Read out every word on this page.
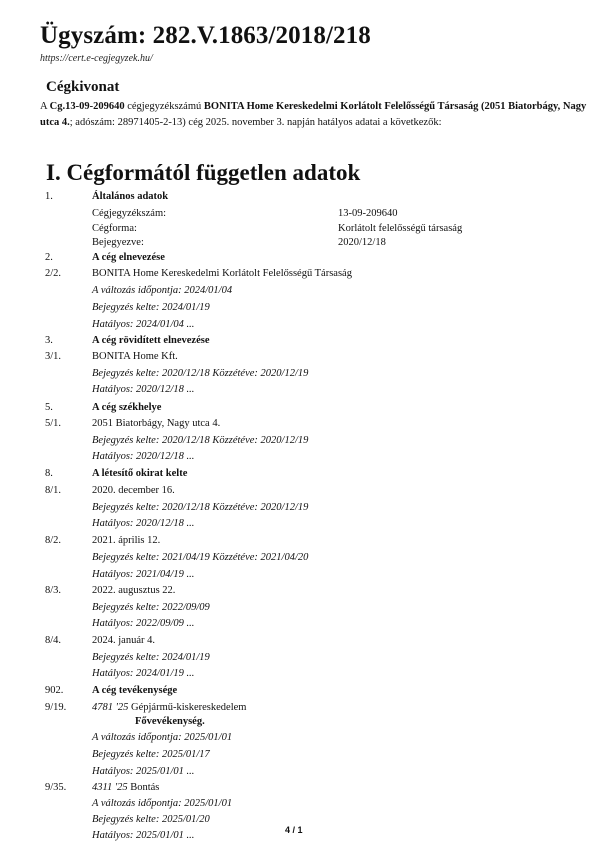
Ügyszám: 282.V.1863/2018/218
https://cert.e-cegjegyzek.hu/
Cégkivonat
A Cg.13-09-209640 cégjegyzékszámú BONITA Home Kereskedelmi Korlátolt Felelősségű Társaság (2051 Biatorbágy, Nagy utca 4.; adószám: 28971405-2-13) cég 2025. november 3. napján hatályos adatai a következők:
I. Cégformától független adatok
1.	Általános adatok
Cégjegyzékszám:	13-09-209640
Cégforma:	Korlátolt felelősségű társaság
Bejegyezve:	2020/12/18
2.	A cég elnevezése
2/2.	BONITA Home Kereskedelmi Korlátolt Felelősségű Társaság
A változás időpontja: 2024/01/04
Bejegyzés kelte: 2024/01/19
Hatályos: 2024/01/04 ...
3.	A cég rövidített elnevezése
3/1.	BONITA Home Kft.
Bejegyzés kelte: 2020/12/18 Közzétéve: 2020/12/19
Hatályos: 2020/12/18 ...
5.	A cég székhelye
5/1.	2051 Biatorbágy, Nagy utca 4.
Bejegyzés kelte: 2020/12/18 Közzétéve: 2020/12/19
Hatályos: 2020/12/18 ...
8.	A létesítő okirat kelte
8/1.	2020. december 16.
Bejegyzés kelte: 2020/12/18 Közzétéve: 2020/12/19
Hatályos: 2020/12/18 ...
8/2.	2021. április 12.
Bejegyzés kelte: 2021/04/19 Közzétéve: 2021/04/20
Hatályos: 2021/04/19 ...
8/3.	2022. augusztus 22.
Bejegyzés kelte: 2022/09/09
Hatályos: 2022/09/09 ...
8/4.	2024. január 4.
Bejegyzés kelte: 2024/01/19
Hatályos: 2024/01/19 ...
902.	A cég tevékenysége
9/19. 4781 '25 Gépjármű-kiskereskedelem
Fővevékenység.
A változás időpontja: 2025/01/01
Bejegyzés kelte: 2025/01/17
Hatályos: 2025/01/01 ...
9/35. 4311 '25 Bontás
A változás időpontja: 2025/01/01
Bejegyzés kelte: 2025/01/20
Hatályos: 2025/01/01 ...	4 / 1
